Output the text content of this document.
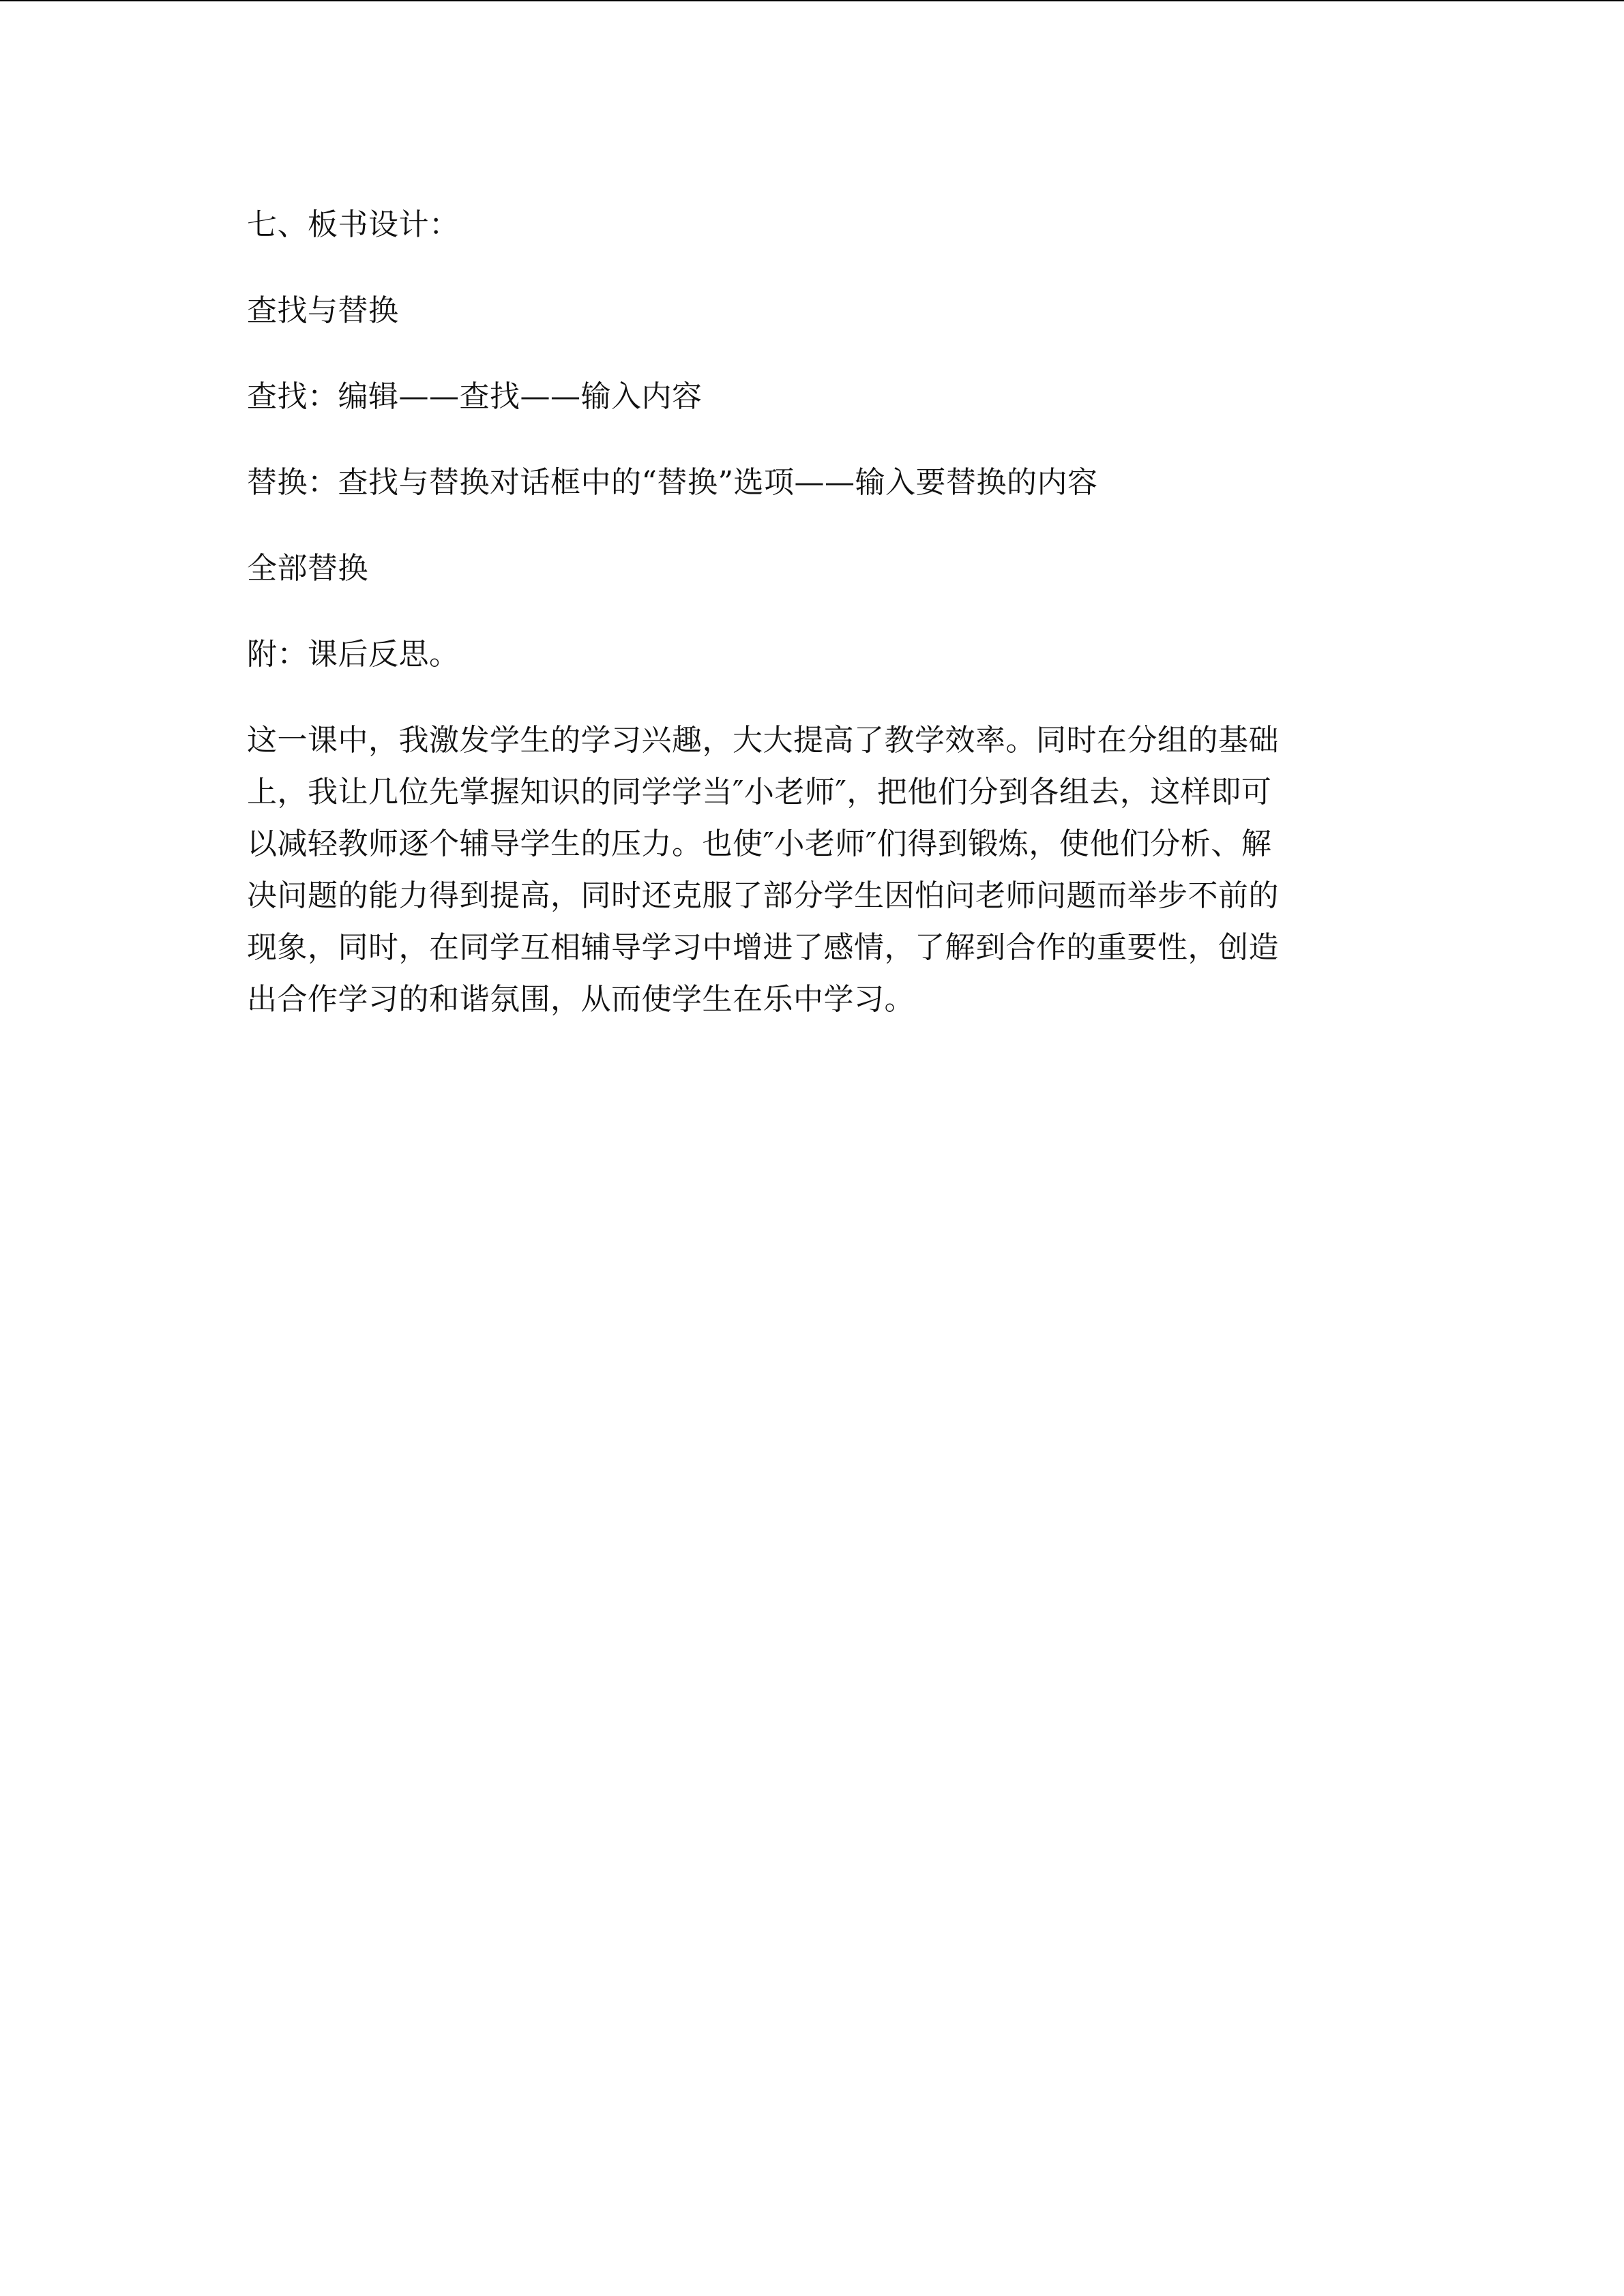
七、板书设计：
查找与替换
查找：编辑——查找——输入内容
替换：查找与替换对话框中的“替换”选项——输入要替换的内容
全部替换
附：课后反思。
这一课中，我激发学生的学习兴趣，大大提高了教学效率。同时在分组的基础
上，我让几位先掌握知识的同学学当″小老师″，把他们分到各组去，这样即可
以减轻教师逐个辅导学生的压力。也使″小老师″们得到锻炼，使他们分析、解
决问题的能力得到提高，同时还克服了部分学生因怕问老师问题而举步不前的
现象，同时，在同学互相辅导学习中增进了感情，了解到合作的重要性，创造
出合作学习的和谐氛围，从而使学生在乐中学习。
